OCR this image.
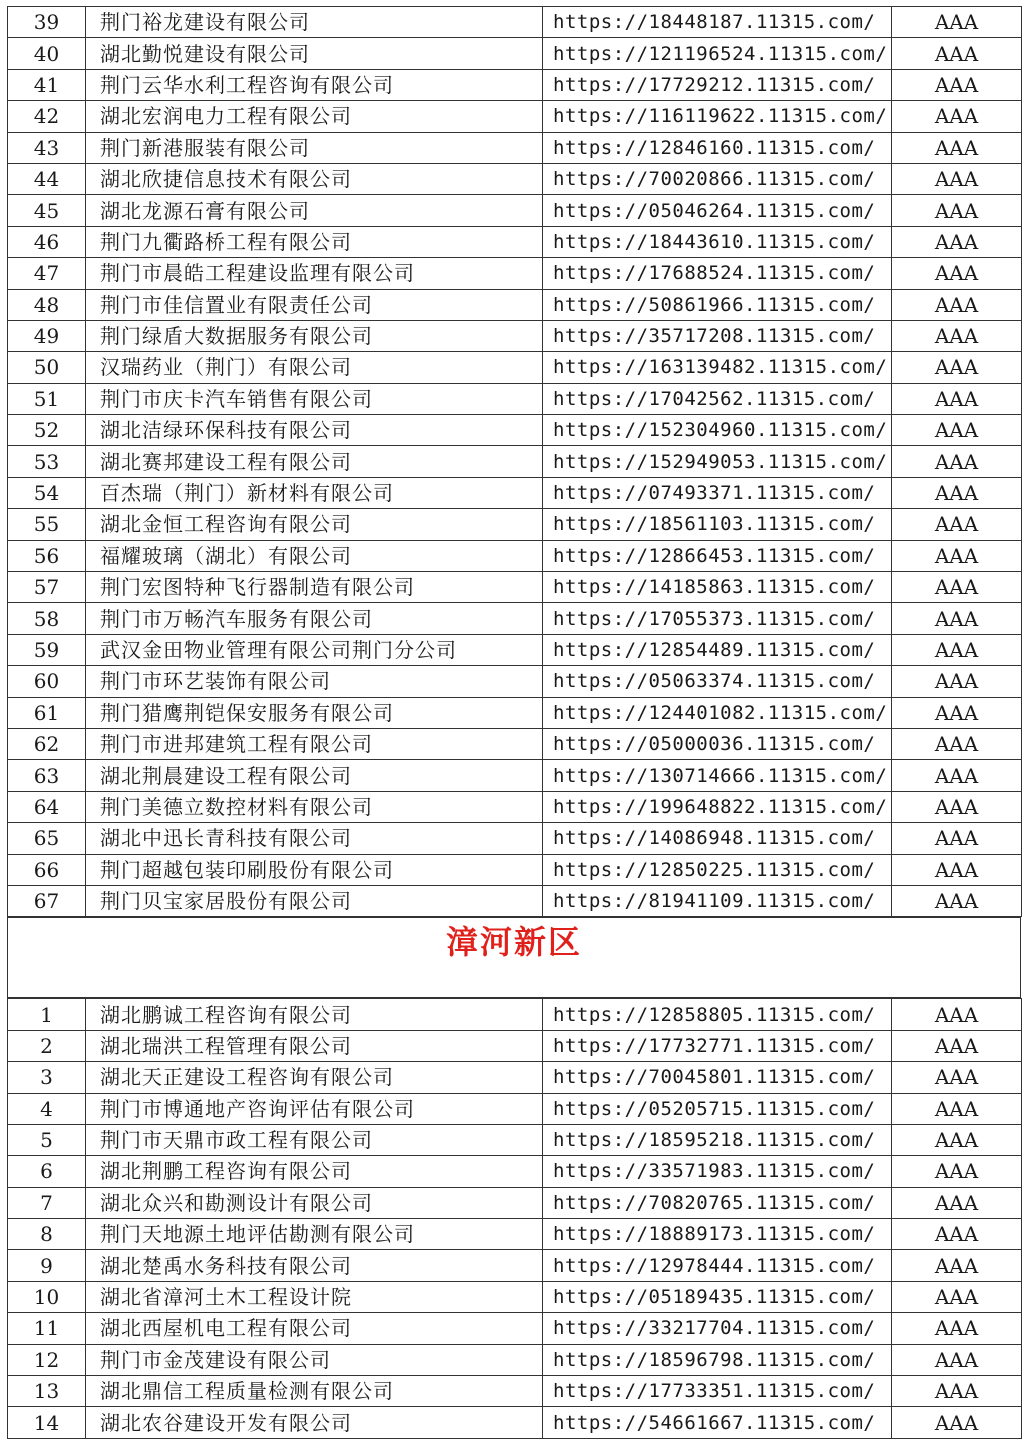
39	荆门裕龙建设有限公司	https://18448187.11315.com/	AAA
40	湖北勤悦建设有限公司	https://121196524.11315.com/	AAA
41	荆门云华水利工程咨询有限公司	https://17729212.11315.com/	AAA
42	湖北宏润电力工程有限公司	https://116119622.11315.com/	AAA
43	荆门新港服装有限公司	https://12846160.11315.com/	AAA
44	湖北欣捷信息技术有限公司	https://70020866.11315.com/	AAA
45	湖北龙源石膏有限公司	https://05046264.11315.com/	AAA
46	荆门九衢路桥工程有限公司	https://18443610.11315.com/	AAA
47	荆门市晨皓工程建设监理有限公司	https://17688524.11315.com/	AAA
48	荆门市佳信置业有限责任公司	https://50861966.11315.com/	AAA
49	荆门绿盾大数据服务有限公司	https://35717208.11315.com/	AAA
50	汉瑞药业（荆门）有限公司	https://163139482.11315.com/	AAA
51	荆门市庆卡汽车销售有限公司	https://17042562.11315.com/	AAA
52	湖北洁绿环保科技有限公司	https://152304960.11315.com/	AAA
53	湖北赛邦建设工程有限公司	https://152949053.11315.com/	AAA
54	百杰瑞（荆门）新材料有限公司	https://07493371.11315.com/	AAA
55	湖北金恒工程咨询有限公司	https://18561103.11315.com/	AAA
56	福耀玻璃（湖北）有限公司	https://12866453.11315.com/	AAA
57	荆门宏图特种飞行器制造有限公司	https://14185863.11315.com/	AAA
58	荆门市万畅汽车服务有限公司	https://17055373.11315.com/	AAA
59	武汉金田物业管理有限公司荆门分公司	https://12854489.11315.com/	AAA
60	荆门市环艺装饰有限公司	https://05063374.11315.com/	AAA
61	荆门猎鹰荆铠保安服务有限公司	https://124401082.11315.com/	AAA
62	荆门市进邦建筑工程有限公司	https://05000036.11315.com/	AAA
63	湖北荆晨建设工程有限公司	https://130714666.11315.com/	AAA
64	荆门美德立数控材料有限公司	https://199648822.11315.com/	AAA
65	湖北中迅长青科技有限公司	https://14086948.11315.com/	AAA
66	荆门超越包装印刷股份有限公司	https://12850225.11315.com/	AAA
67	荆门贝宝家居股份有限公司	https://81941109.11315.com/	AAA
漳河新区
1	湖北鹏诚工程咨询有限公司	https://12858805.11315.com/	AAA
2	湖北瑞洪工程管理有限公司	https://17732771.11315.com/	AAA
3	湖北天正建设工程咨询有限公司	https://70045801.11315.com/	AAA
4	荆门市博通地产咨询评估有限公司	https://05205715.11315.com/	AAA
5	荆门市天鼎市政工程有限公司	https://18595218.11315.com/	AAA
6	湖北荆鹏工程咨询有限公司	https://33571983.11315.com/	AAA
7	湖北众兴和勘测设计有限公司	https://70820765.11315.com/	AAA
8	荆门天地源土地评估勘测有限公司	https://18889173.11315.com/	AAA
9	湖北楚禹水务科技有限公司	https://12978444.11315.com/	AAA
10	湖北省漳河土木工程设计院	https://05189435.11315.com/	AAA
11	湖北西屋机电工程有限公司	https://33217704.11315.com/	AAA
12	荆门市金茂建设有限公司	https://18596798.11315.com/	AAA
13	湖北鼎信工程质量检测有限公司	https://17733351.11315.com/	AAA
14	湖北农谷建设开发有限公司	https://54661667.11315.com/	AAA
